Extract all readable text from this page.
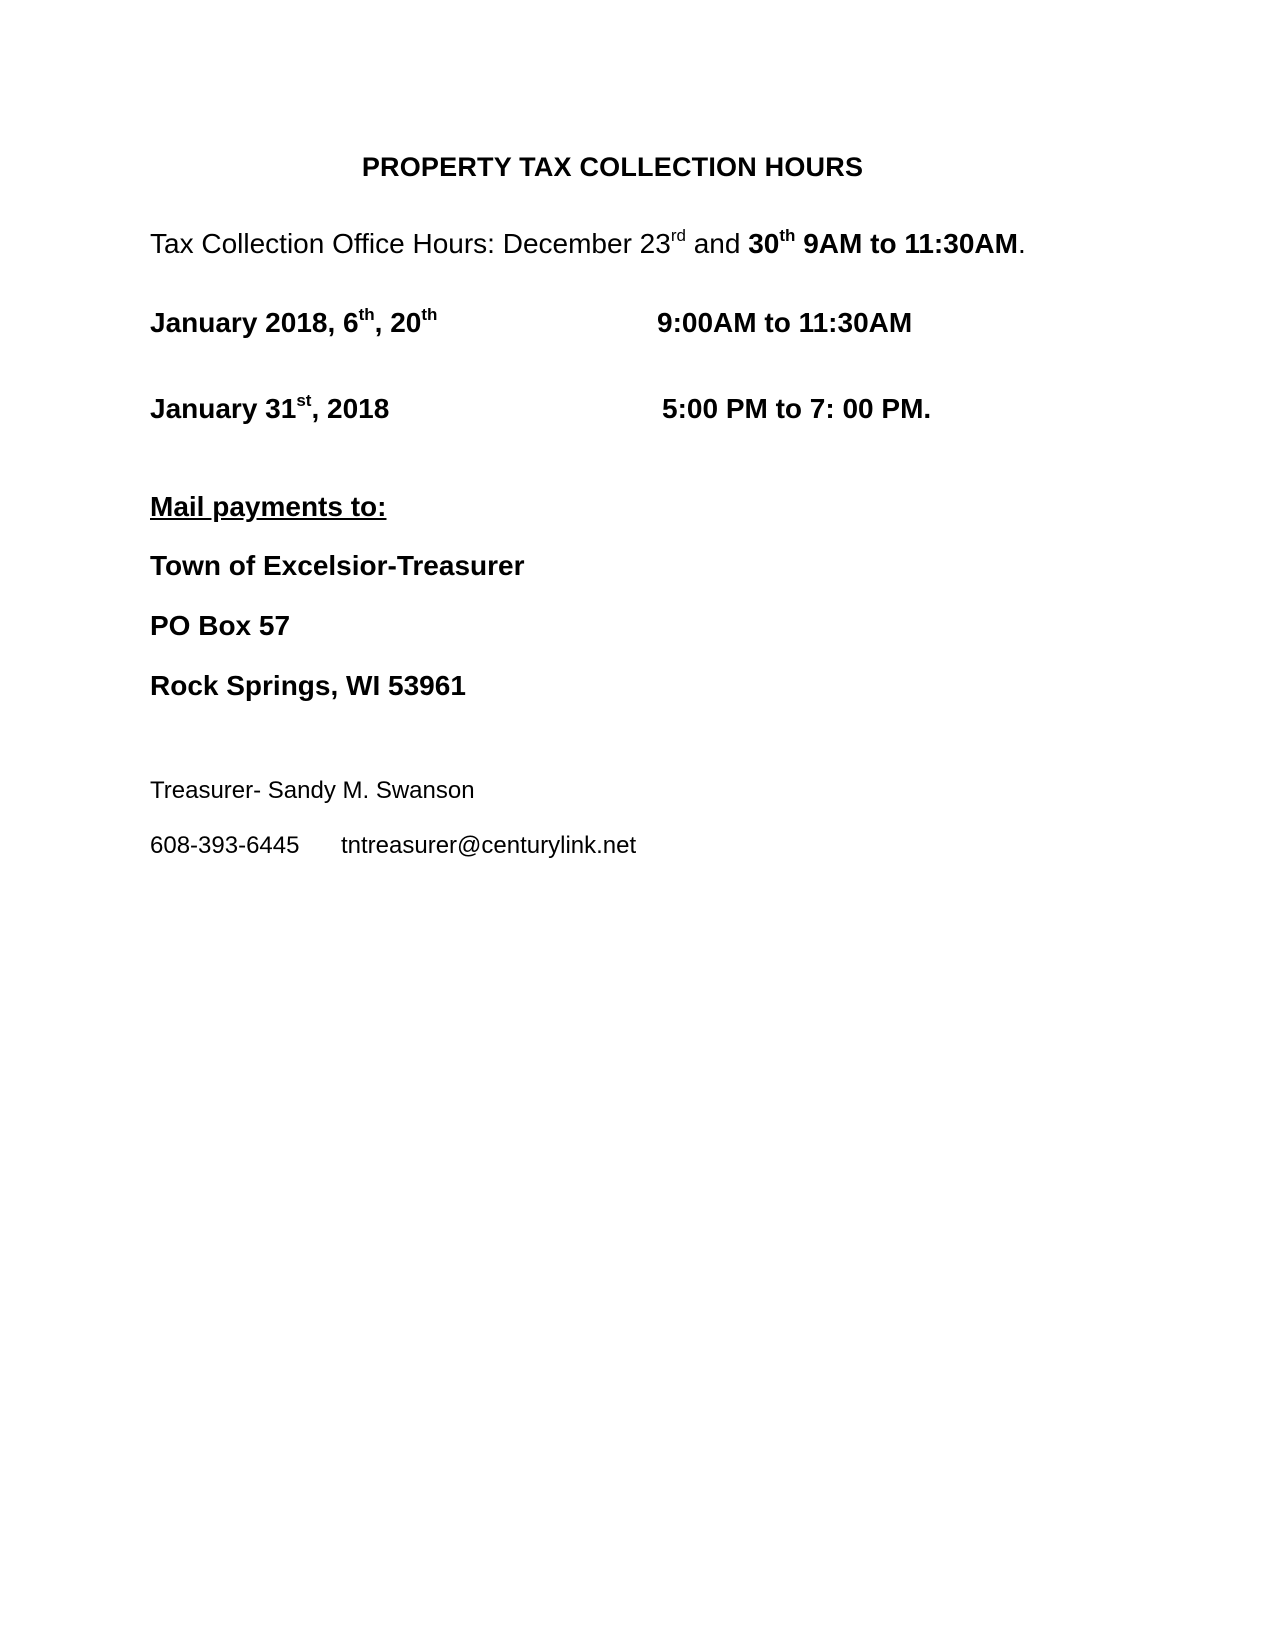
PROPERTY TAX COLLECTION HOURS
Tax Collection Office Hours: December 23rd and 30th 9AM to 11:30AM.
January 2018, 6th, 20th	9:00AM to 11:30AM
January 31st, 2018	5:00 PM to 7: 00 PM.
Mail payments to:
Town of Excelsior-Treasurer
PO Box 57
Rock Springs, WI 53961
Treasurer- Sandy M. Swanson
608-393-6445 tntreasurer@centurylink.net
